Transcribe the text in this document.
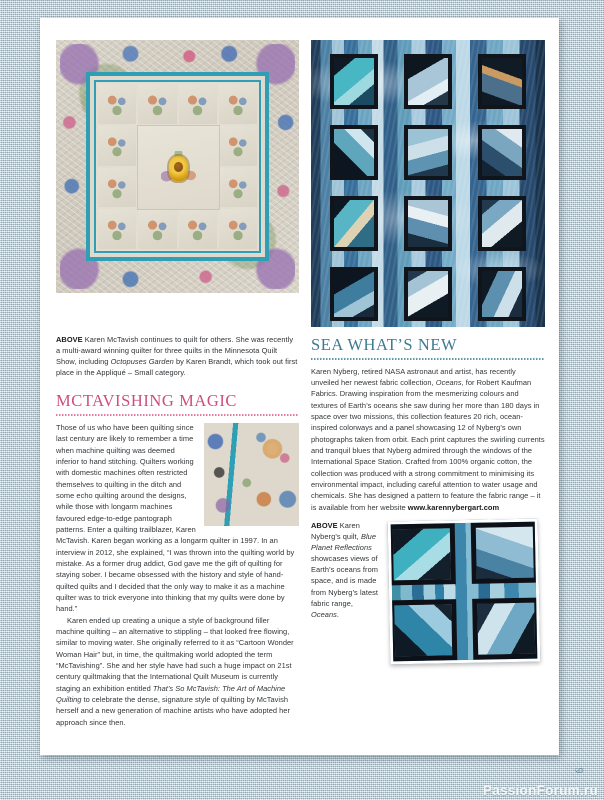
ABOVE Karen McTavish continues to quilt for others. She was recently a multi-award winning quilter for three quilts in the Minnesota Quilt Show, including Octopuses Garden by Karen Brandt, which took out first place in the Appliqué – Small category.
MCTAVISHING MAGIC

Those of us who have been quilting since last century are likely to remember a time when machine quilting was deemed inferior to hand stitching. Quilters working with domestic machines often restricted themselves to quilting in the ditch and some echo quilting around the designs, while those with longarm machines favoured edge-to-edge pantograph patterns. Enter a quilting trailblazer, Karen McTavish. Karen began working as a longarm quilter in 1997. In an interview in 2012, she explained, “I was thrown into the quilting world by mistake. As a former drug addict, God gave me the gift of quilting for staying sober. I became obsessed with the history and style of hand-quilted quilts and I decided that the only way to make it as a machine quilter was to trick everyone into thinking that my quilts were done by hand.”

Karen ended up creating a unique a style of background filler machine quilting – an alternative to stippling – that looked free flowing, similar to moving water. She originally referred to it as “Cartoon Wonder Woman Hair” but, in time, the quiltmaking world adopted the term “McTavishing”. She and her style have had such a huge impact on 21st century quiltmaking that the International Quilt Museum is currently staging an exhibition entitled That’s So McTavish: The Art of Machine Quilting to celebrate the dense, signature style of quilting by McTavish herself and a new generation of machine artists who have adopted her approach since then.

SEA WHAT’S NEW

Karen Nyberg, retired NASA astronaut and artist, has recently unveiled her newest fabric collection, Oceans, for Robert Kaufman Fabrics. Drawing inspiration from the mesmerizing colours and textures of Earth’s oceans she saw during her more than 180 days in space over two missions, this collection features 20 rich, ocean-inspired colorways and a panel showcasing 12 of Nyberg’s own photographs taken from orbit. Each print captures the swirling currents and tranquil blues that Nyberg admired through the windows of the International Space Station. Crafted from 100% organic cotton, the collection was produced with a strong commitment to minimising its environmental impact, including careful attention to water usage and chemicals. She has designed a pattern to feature the fabric range – it is available from her website www.karennybergart.com

ABOVE Karen Nyberg’s quilt, Blue Planet Reflections showcases views of Earth’s oceans from space, and is made from Nyberg’s latest fabric range, Oceans.
9
PassionForum.ru
